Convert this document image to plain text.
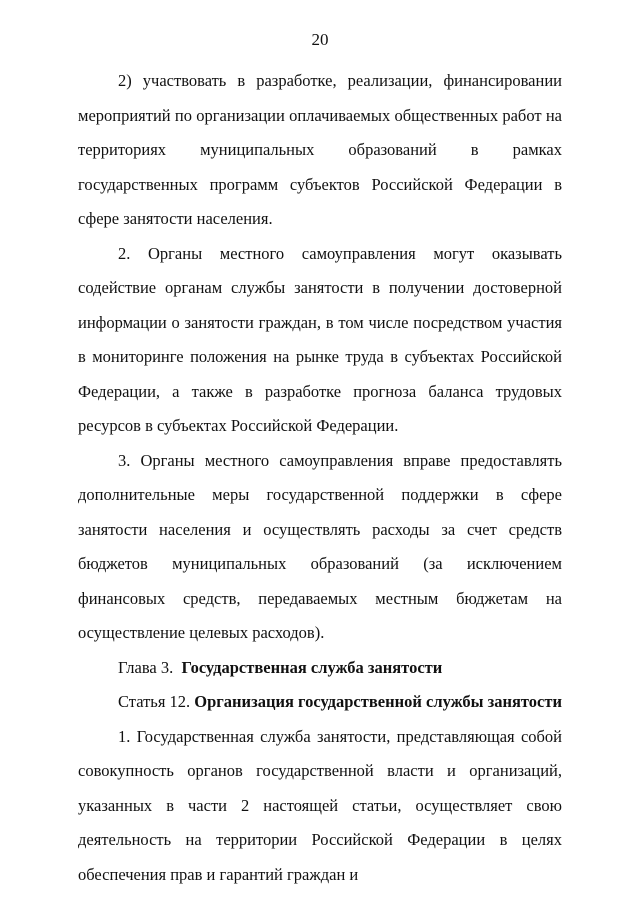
20

2) участвовать в разработке, реализации, финансировании мероприятий по организации оплачиваемых общественных работ на территориях муниципальных образований в рамках государственных программ субъектов Российской Федерации в сфере занятости населения.

2. Органы местного самоуправления могут оказывать содействие органам службы занятости в получении достоверной информации о занятости граждан, в том числе посредством участия в мониторинге положения на рынке труда в субъектах Российской Федерации, а также в разработке прогноза баланса трудовых ресурсов в субъектах Российской Федерации.

3. Органы местного самоуправления вправе предоставлять дополнительные меры государственной поддержки в сфере занятости населения и осуществлять расходы за счет средств бюджетов муниципальных образований (за исключением финансовых средств, передаваемых местным бюджетам на осуществление целевых расходов).

Глава 3. Государственная служба занятости

Статья 12. Организация государственной службы занятости

1. Государственная служба занятости, представляющая собой совокупность органов государственной власти и организаций, указанных в части 2 настоящей статьи, осуществляет свою деятельность на территории Российской Федерации в целях обеспечения прав и гарантий граждан и
